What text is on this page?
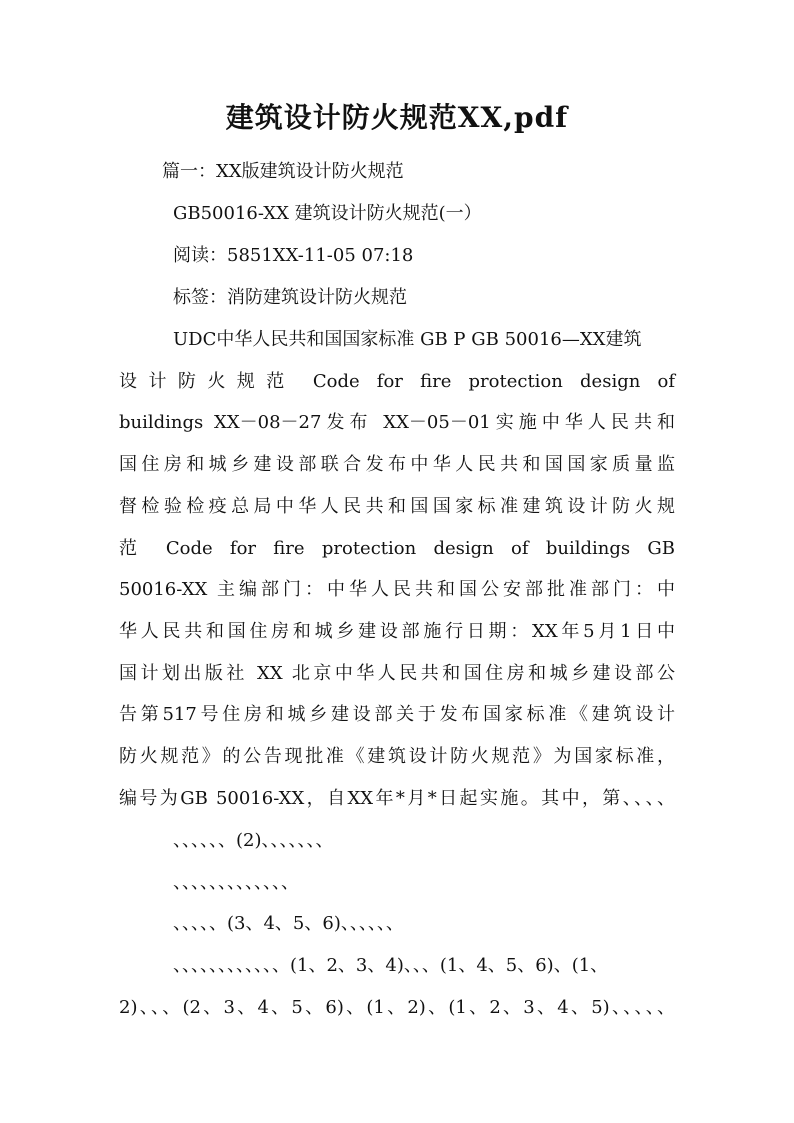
建筑设计防火规范XX,pdf
篇一：XX版建筑设计防火规范
GB50016-XX 建筑设计防火规范(一）
阅读：5851XX-11-05 07:18
标签：消防建筑设计防火规范
UDC中华人民共和国国家标准 GB P GB 50016—XX建筑
设计防火规范 Code for fire protection design of
buildings XX－08－27发布 XX－05－01实施中华人民共和
国住房和城乡建设部联合发布中华人民共和国国家质量监
督检验检疫总局中华人民共和国国家标准建筑设计防火规
范 Code for fire protection design of buildings GB
50016-XX 主编部门：中华人民共和国公安部批准部门：中
华人民共和国住房和城乡建设部施行日期：XX年5月1日中
国计划出版社 XX 北京中华人民共和国住房和城乡建设部公
告第517号住房和城乡建设部关于发布国家标准《建筑设计
防火规范》的公告现批准《建筑设计防火规范》为国家标准，
编号为GB 50016-XX，自XX年*月*日起实施。其中，第、、、、
、、、、、、(2)、、、、、、、
、、、、、、、、、、、、、
、、、、、(3、4、5、6)、、、、、、
、、、、、、、、、、、、(1、2、3、4)、、、(1、4、5、6)、(1、
2)、、、(2、3、4、5、6)、(1、2)、(1、2、3、4、5)、、、、、
